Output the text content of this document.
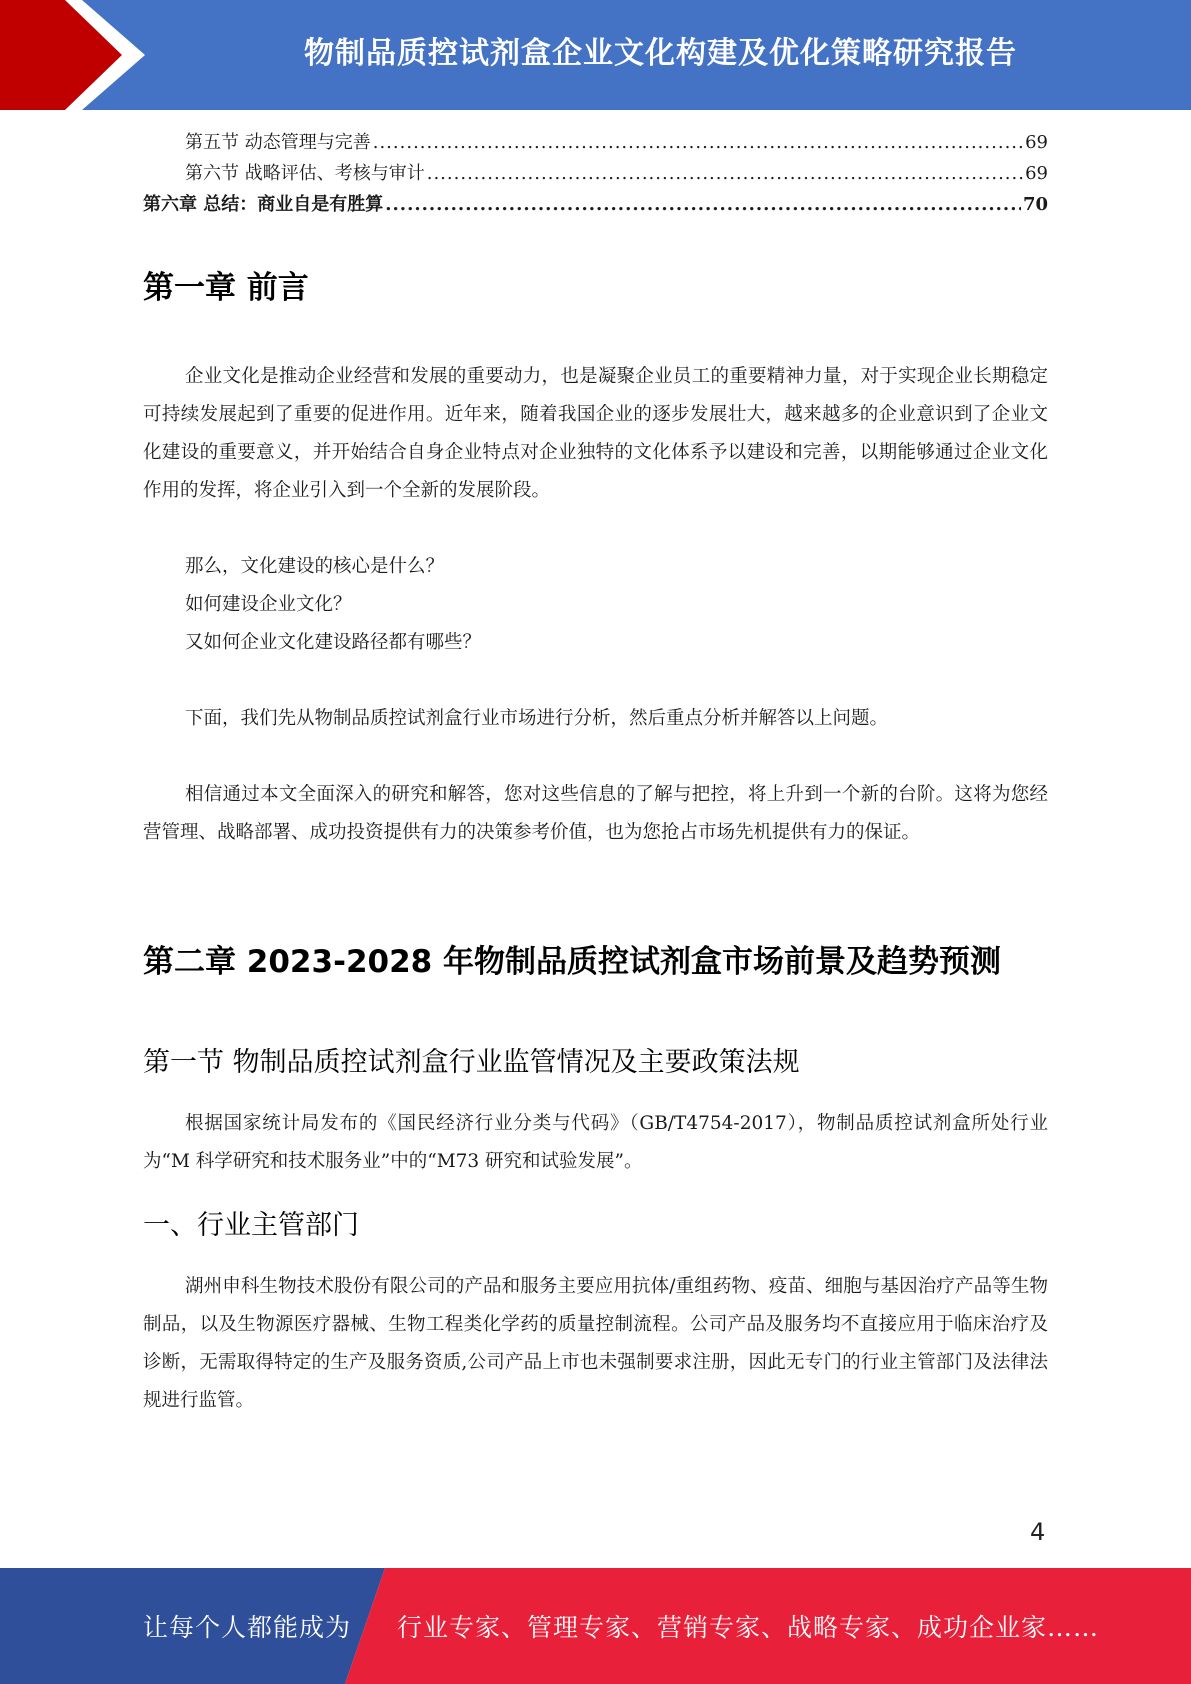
物制品质控试剂盒企业文化构建及优化策略研究报告
第五节 动态管理与完善 .....	69
第六节 战略评估、考核与审计 .....	69
第六章 总结：商业自是有胜算 .....	70
第一章 前言

企业文化是推动企业经营和发展的重要动力，也是凝聚企业员工的重要精神力量，对于实现企业长期稳定可持续发展起到了重要的促进作用。近年来，随着我国企业的逐步发展壮大，越来越多的企业意识到了企业文化建设的重要意义，并开始结合自身企业特点对企业独特的文化体系予以建设和完善，以期能够通过企业文化作用的发挥，将企业引入到一个全新的发展阶段。

那么，文化建设的核心是什么？
如何建设企业文化？
又如何企业文化建设路径都有哪些？

下面，我们先从物制品质控试剂盒行业市场进行分析，然后重点分析并解答以上问题。

相信通过本文全面深入的研究和解答，您对这些信息的了解与把控，将上升到一个新的台阶。这将为您经营管理、战略部署、成功投资提供有力的决策参考价值，也为您抢占市场先机提供有力的保证。

第二章 2023-2028 年物制品质控试剂盒市场前景及趋势预测
第一节 物制品质控试剂盒行业监管情况及主要政策法规

根据国家统计局发布的《国民经济行业分类与代码》（GB/T4754-2017），物制品质控试剂盒所处行业为“M 科学研究和技术服务业”中的“M73 研究和试验发展”。

一、行业主管部门

湖州申科生物技术股份有限公司的产品和服务主要应用抗体/重组药物、疫苗、细胞与基因治疗产品等生物制品，以及生物源医疗器械、生物工程类化学药的质量控制流程。公司产品及服务均不直接应用于临床治疗及诊断，无需取得特定的生产及服务资质,公司产品上市也未强制要求注册，因此无专门的行业主管部门及法律法规进行监管。

4
让每个人都能成为 行业专家、管理专家、营销专家、战略专家、成功企业家……
